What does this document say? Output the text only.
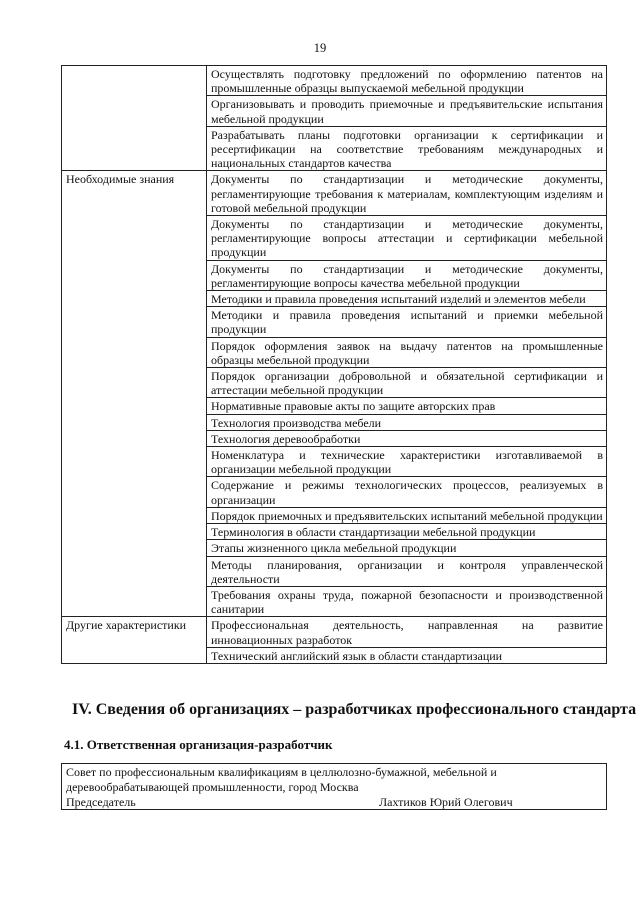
19
	Осуществлять подготовку предложений по оформлению патентов на промышленные образцы выпускаемой мебельной продукции
	Организовывать и проводить приемочные и предъявительские испытания мебельной продукции
	Разрабатывать планы подготовки организации к сертификации и ресертификации на соответствие требованиям международных и национальных стандартов качества
Необходимые знания	Документы по стандартизации и методические документы, регламентирующие требования к материалам, комплектующим изделиям и готовой мебельной продукции
	Документы по стандартизации и методические документы, регламентирующие вопросы аттестации и сертификации мебельной продукции
	Документы по стандартизации и методические документы, регламентирующие вопросы качества мебельной продукции
	Методики и правила проведения испытаний изделий и элементов мебели
	Методики и правила проведения испытаний и приемки мебельной продукции
	Порядок оформления заявок на выдачу патентов на промышленные образцы мебельной продукции
	Порядок организации добровольной и обязательной сертификации и аттестации мебельной продукции
	Нормативные правовые акты по защите авторских прав
	Технология производства мебели
	Технология деревообработки
	Номенклатура и технические характеристики изготавливаемой в организации мебельной продукции
	Содержание и режимы технологических процессов, реализуемых в организации
	Порядок приемочных и предъявительских испытаний мебельной продукции
	Терминология в области стандартизации мебельной продукции
	Этапы жизненного цикла мебельной продукции
	Методы планирования, организации и контроля управленческой деятельности
	Требования охраны труда, пожарной безопасности и производственной санитарии
Другие характеристики	Профессиональная деятельность, направленная на развитие инновационных разработок
	Технический английский язык в области стандартизации
IV. Сведения об организациях – разработчиках профессионального стандарта
4.1. Ответственная организация-разработчик
Совет по профессиональным квалификациям в целлюлозно-бумажной, мебельной и
деревообрабатывающей промышленности, город Москва

Председатель	Лахтиков Юрий Олегович
